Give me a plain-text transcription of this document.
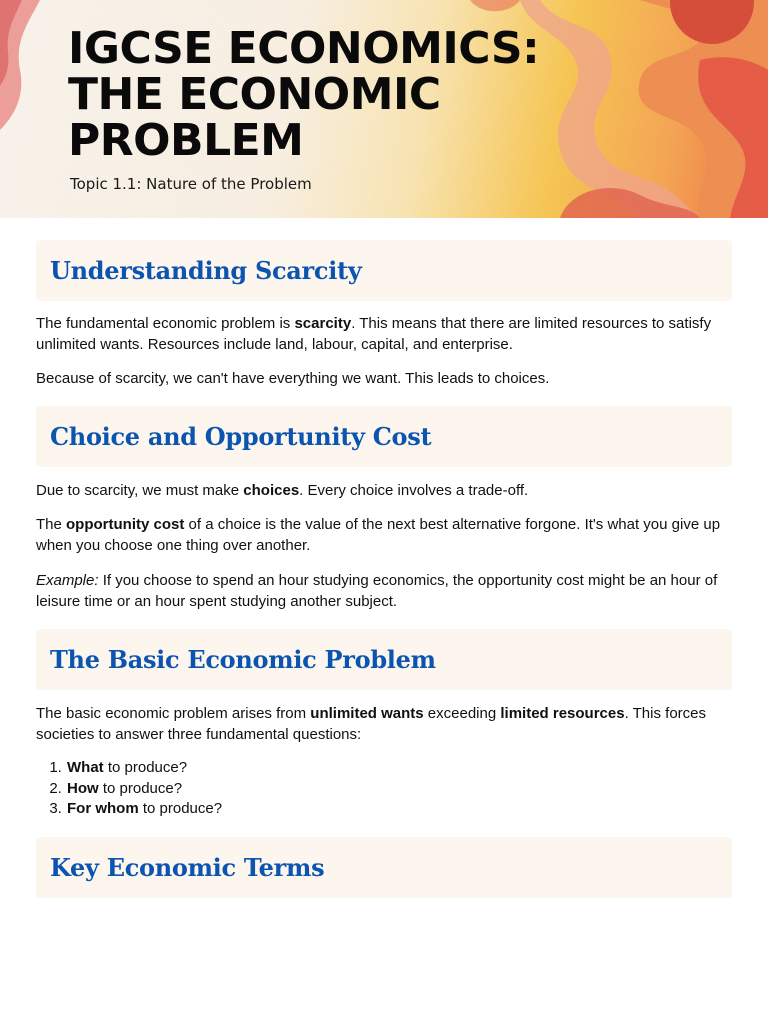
IGCSE ECONOMICS:
THE ECONOMIC
PROBLEM
Topic 1.1: Nature of the Problem
Understanding Scarcity

The fundamental economic problem is scarcity. This means that there are limited resources to satisfy unlimited wants. Resources include land, labour, capital, and enterprise.

Because of scarcity, we can't have everything we want. This leads to choices.

Choice and Opportunity Cost

Due to scarcity, we must make choices. Every choice involves a trade-off.

The opportunity cost of a choice is the value of the next best alternative forgone. It's what you give up when you choose one thing over another.

Example: If you choose to spend an hour studying economics, the opportunity cost might be an hour of leisure time or an hour spent studying another subject.

The Basic Economic Problem

The basic economic problem arises from unlimited wants exceeding limited resources. This forces societies to answer three fundamental questions:

1. What to produce?
2. How to produce?
3. For whom to produce?
Key Economic Terms
